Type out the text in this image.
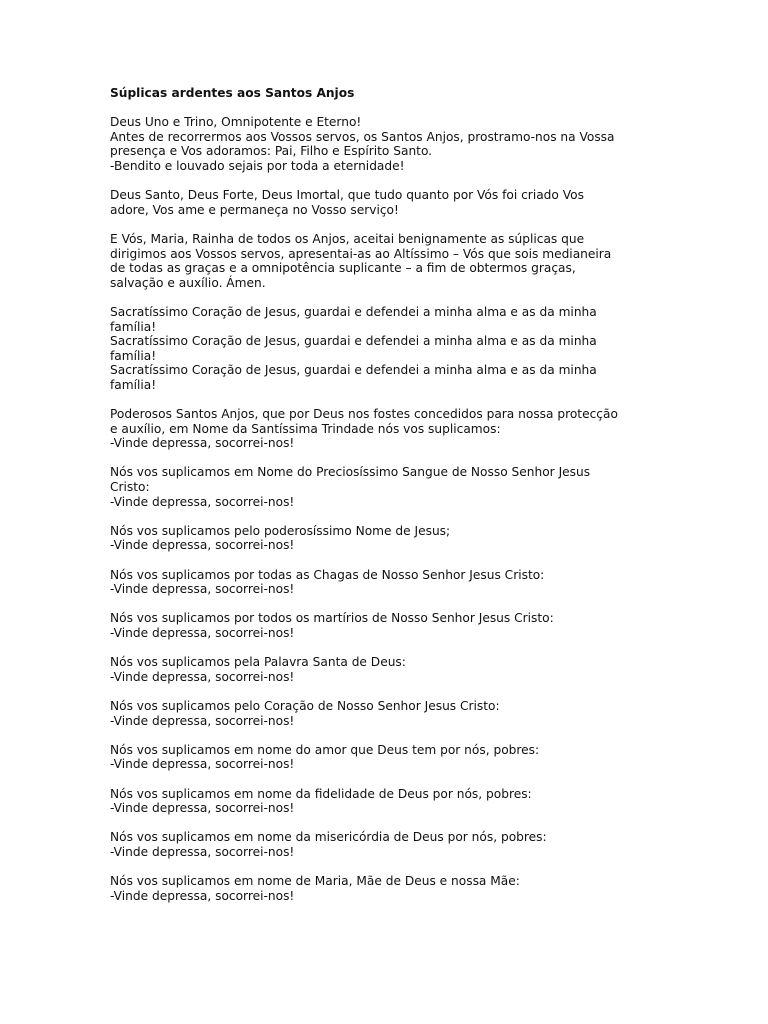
Súplicas ardentes aos Santos Anjos
Deus Uno e Trino, Omnipotente e Eterno!
Antes de recorrermos aos Vossos servos, os Santos Anjos, prostramo-nos na Vossa
presença e Vos adoramos: Pai, Filho e Espírito Santo.
-Bendito e louvado sejais por toda a eternidade!
Deus Santo, Deus Forte, Deus Imortal, que tudo quanto por Vós foi criado Vos
adore, Vos ame e permaneça no Vosso serviço!
E Vós, Maria, Rainha de todos os Anjos, aceitai benignamente as súplicas que
dirigimos aos Vossos servos, apresentai-as ao Altíssimo – Vós que sois medianeira
de todas as graças e a omnipotência suplicante – a fim de obtermos graças,
salvação e auxílio. Ámen.
Sacratíssimo Coração de Jesus, guardai e defendei a minha alma e as da minha
família!
Sacratíssimo Coração de Jesus, guardai e defendei a minha alma e as da minha
família!
Sacratíssimo Coração de Jesus, guardai e defendei a minha alma e as da minha
família!
Poderosos Santos Anjos, que por Deus nos fostes concedidos para nossa protecção
e auxílio, em Nome da Santíssima Trindade nós vos suplicamos:
-Vinde depressa, socorrei-nos!
Nós vos suplicamos em Nome do Preciosíssimo Sangue de Nosso Senhor Jesus
Cristo:
-Vinde depressa, socorrei-nos!
Nós vos suplicamos pelo poderosíssimo Nome de Jesus;
-Vinde depressa, socorrei-nos!
Nós vos suplicamos por todas as Chagas de Nosso Senhor Jesus Cristo:
-Vinde depressa, socorrei-nos!
Nós vos suplicamos por todos os martírios de Nosso Senhor Jesus Cristo:
-Vinde depressa, socorrei-nos!
Nós vos suplicamos pela Palavra Santa de Deus:
-Vinde depressa, socorrei-nos!
Nós vos suplicamos pelo Coração de Nosso Senhor Jesus Cristo:
-Vinde depressa, socorrei-nos!
Nós vos suplicamos em nome do amor que Deus tem por nós, pobres:
-Vinde depressa, socorrei-nos!
Nós vos suplicamos em nome da fidelidade de Deus por nós, pobres:
-Vinde depressa, socorrei-nos!
Nós vos suplicamos em nome da misericórdia de Deus por nós, pobres:
-Vinde depressa, socorrei-nos!
Nós vos suplicamos em nome de Maria, Mãe de Deus e nossa Mãe:
-Vinde depressa, socorrei-nos!
